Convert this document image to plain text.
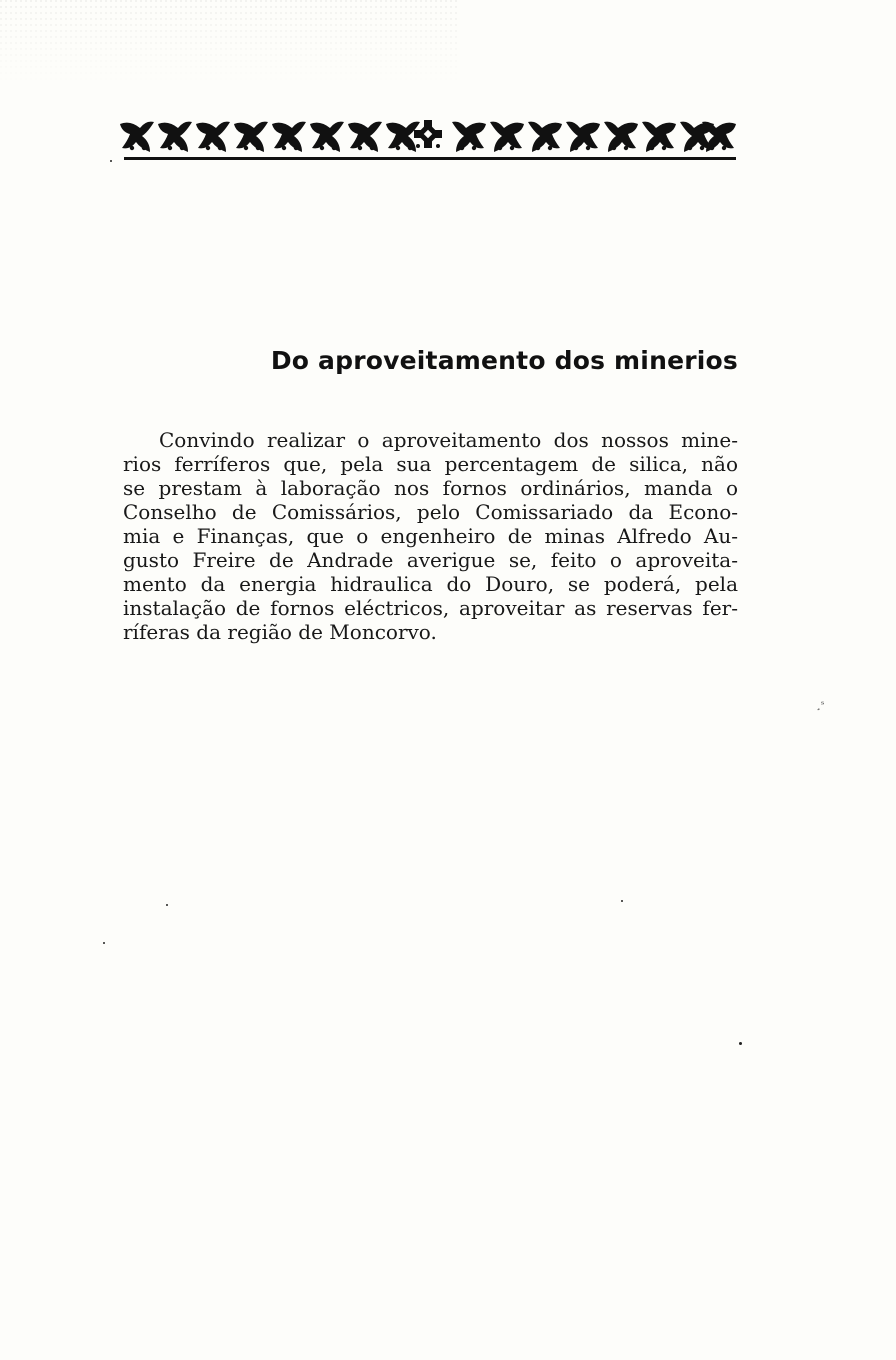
Do aproveitamento dos minerios
Convindo realizar o aproveitamento dos nossos mine-
rios ferríferos que, pela sua percentagem de silica, não
se prestam à laboração nos fornos ordinários, manda o
Conselho de Comissários, pelo Comissariado da Econo-
mia e Finanças, que o engenheiro de minas Alfredo Au-
gusto Freire de Andrade averigue se, feito o aproveita-
mento da energia hidraulica do Douro, se poderá, pela
instalação de fornos eléctricos, aproveitar as reservas fer-
ríferas da região de Moncorvo.
¸ˢ
